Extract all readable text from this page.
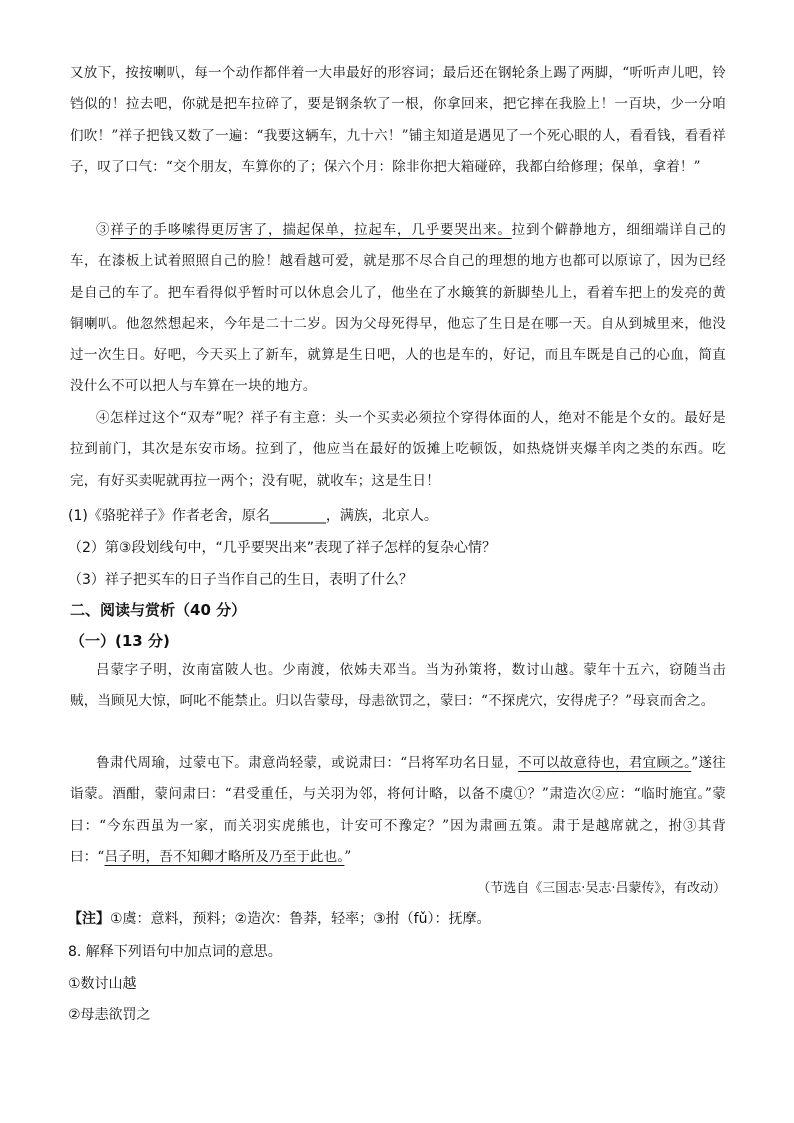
又放下，按按喇叭，每一个动作都伴着一大串最好的形容词；最后还在钢轮条上踢了两脚，“听听声儿吧，铃铛似的！拉去吧，你就是把车拉碎了，要是钢条软了一根，你拿回来，把它摔在我脸上！一百块，少一分咱们吹！”祥子把钱又数了一遍：“我要这辆车，九十六！”铺主知道是遇见了一个死心眼的人，看看钱，看看祥子，叹了口气：“交个朋友，车算你的了；保六个月：除非你把大箱碰碎，我都白给修理；保单，拿着！”

③祥子的手哆嗦得更厉害了，揣起保单，拉起车，几乎要哭出来。拉到个僻静地方，细细端详自己的车，在漆板上试着照照自己的脸！越看越可爱，就是那不尽合自己的理想的地方也都可以原谅了，因为已经是自己的车了。把车看得似乎暂时可以休息会儿了，他坐在了水簸箕的新脚垫儿上，看着车把上的发亮的黄铜喇叭。他忽然想起来，今年是二十二岁。因为父母死得早，他忘了生日是在哪一天。自从到城里来，他没过一次生日。好吧，今天买上了新车，就算是生日吧，人的也是车的，好记，而且车既是自己的心血，简直没什么不可以把人与车算在一块的地方。

④怎样过这个“双寿”呢？祥子有主意：头一个买卖必须拉个穿得体面的人，绝对不能是个女的。最好是拉到前门，其次是东安市场。拉到了，他应当在最好的饭摊上吃顿饭，如热烧饼夹爆羊肉之类的东西。吃完，有好买卖呢就再拉一两个；没有呢，就收车；这是生日！

(1)《骆驼祥子》作者老舍，原名________，满族，北京人。

（2）第③段划线句中，“几乎要哭出来”表现了祥子怎样的复杂心情？

（3）祥子把买车的日子当作自己的生日，表明了什么？

二、阅读与赏析（40 分）

（一）(13 分)

吕蒙字子明，汝南富陂人也。少南渡，依姊夫邓当。当为孙策将，数讨山越。蒙年十五六，窃随当击贼，当顾见大惊，呵叱不能禁止。归以告蒙母，母恚欲罚之，蒙曰：“不探虎穴，安得虎子？”母哀而舍之。

鲁肃代周瑜，过蒙屯下。肃意尚轻蒙，或说肃曰：“吕将军功名日显，不可以故意待也，君宜顾之。”遂往诣蒙。酒酣，蒙问肃曰：“君受重任，与关羽为邻，将何计略，以备不虞①？”肃造次②应：“临时施宜。”蒙曰：“今东西虽为一家，而关羽实虎熊也，计安可不豫定？”因为肃画五策。肃于是越席就之，拊③其背曰：“吕子明，吾不知卿才略所及乃至于此也。”

（节选自《三国志·吴志·吕蒙传》，有改动）

【注】①虞：意料，预料；②造次：鲁莽，轻率；③拊（fǔ）：抚摩。

8. 解释下列语句中加点词的意思。

①数讨山越

②母恚欲罚之
